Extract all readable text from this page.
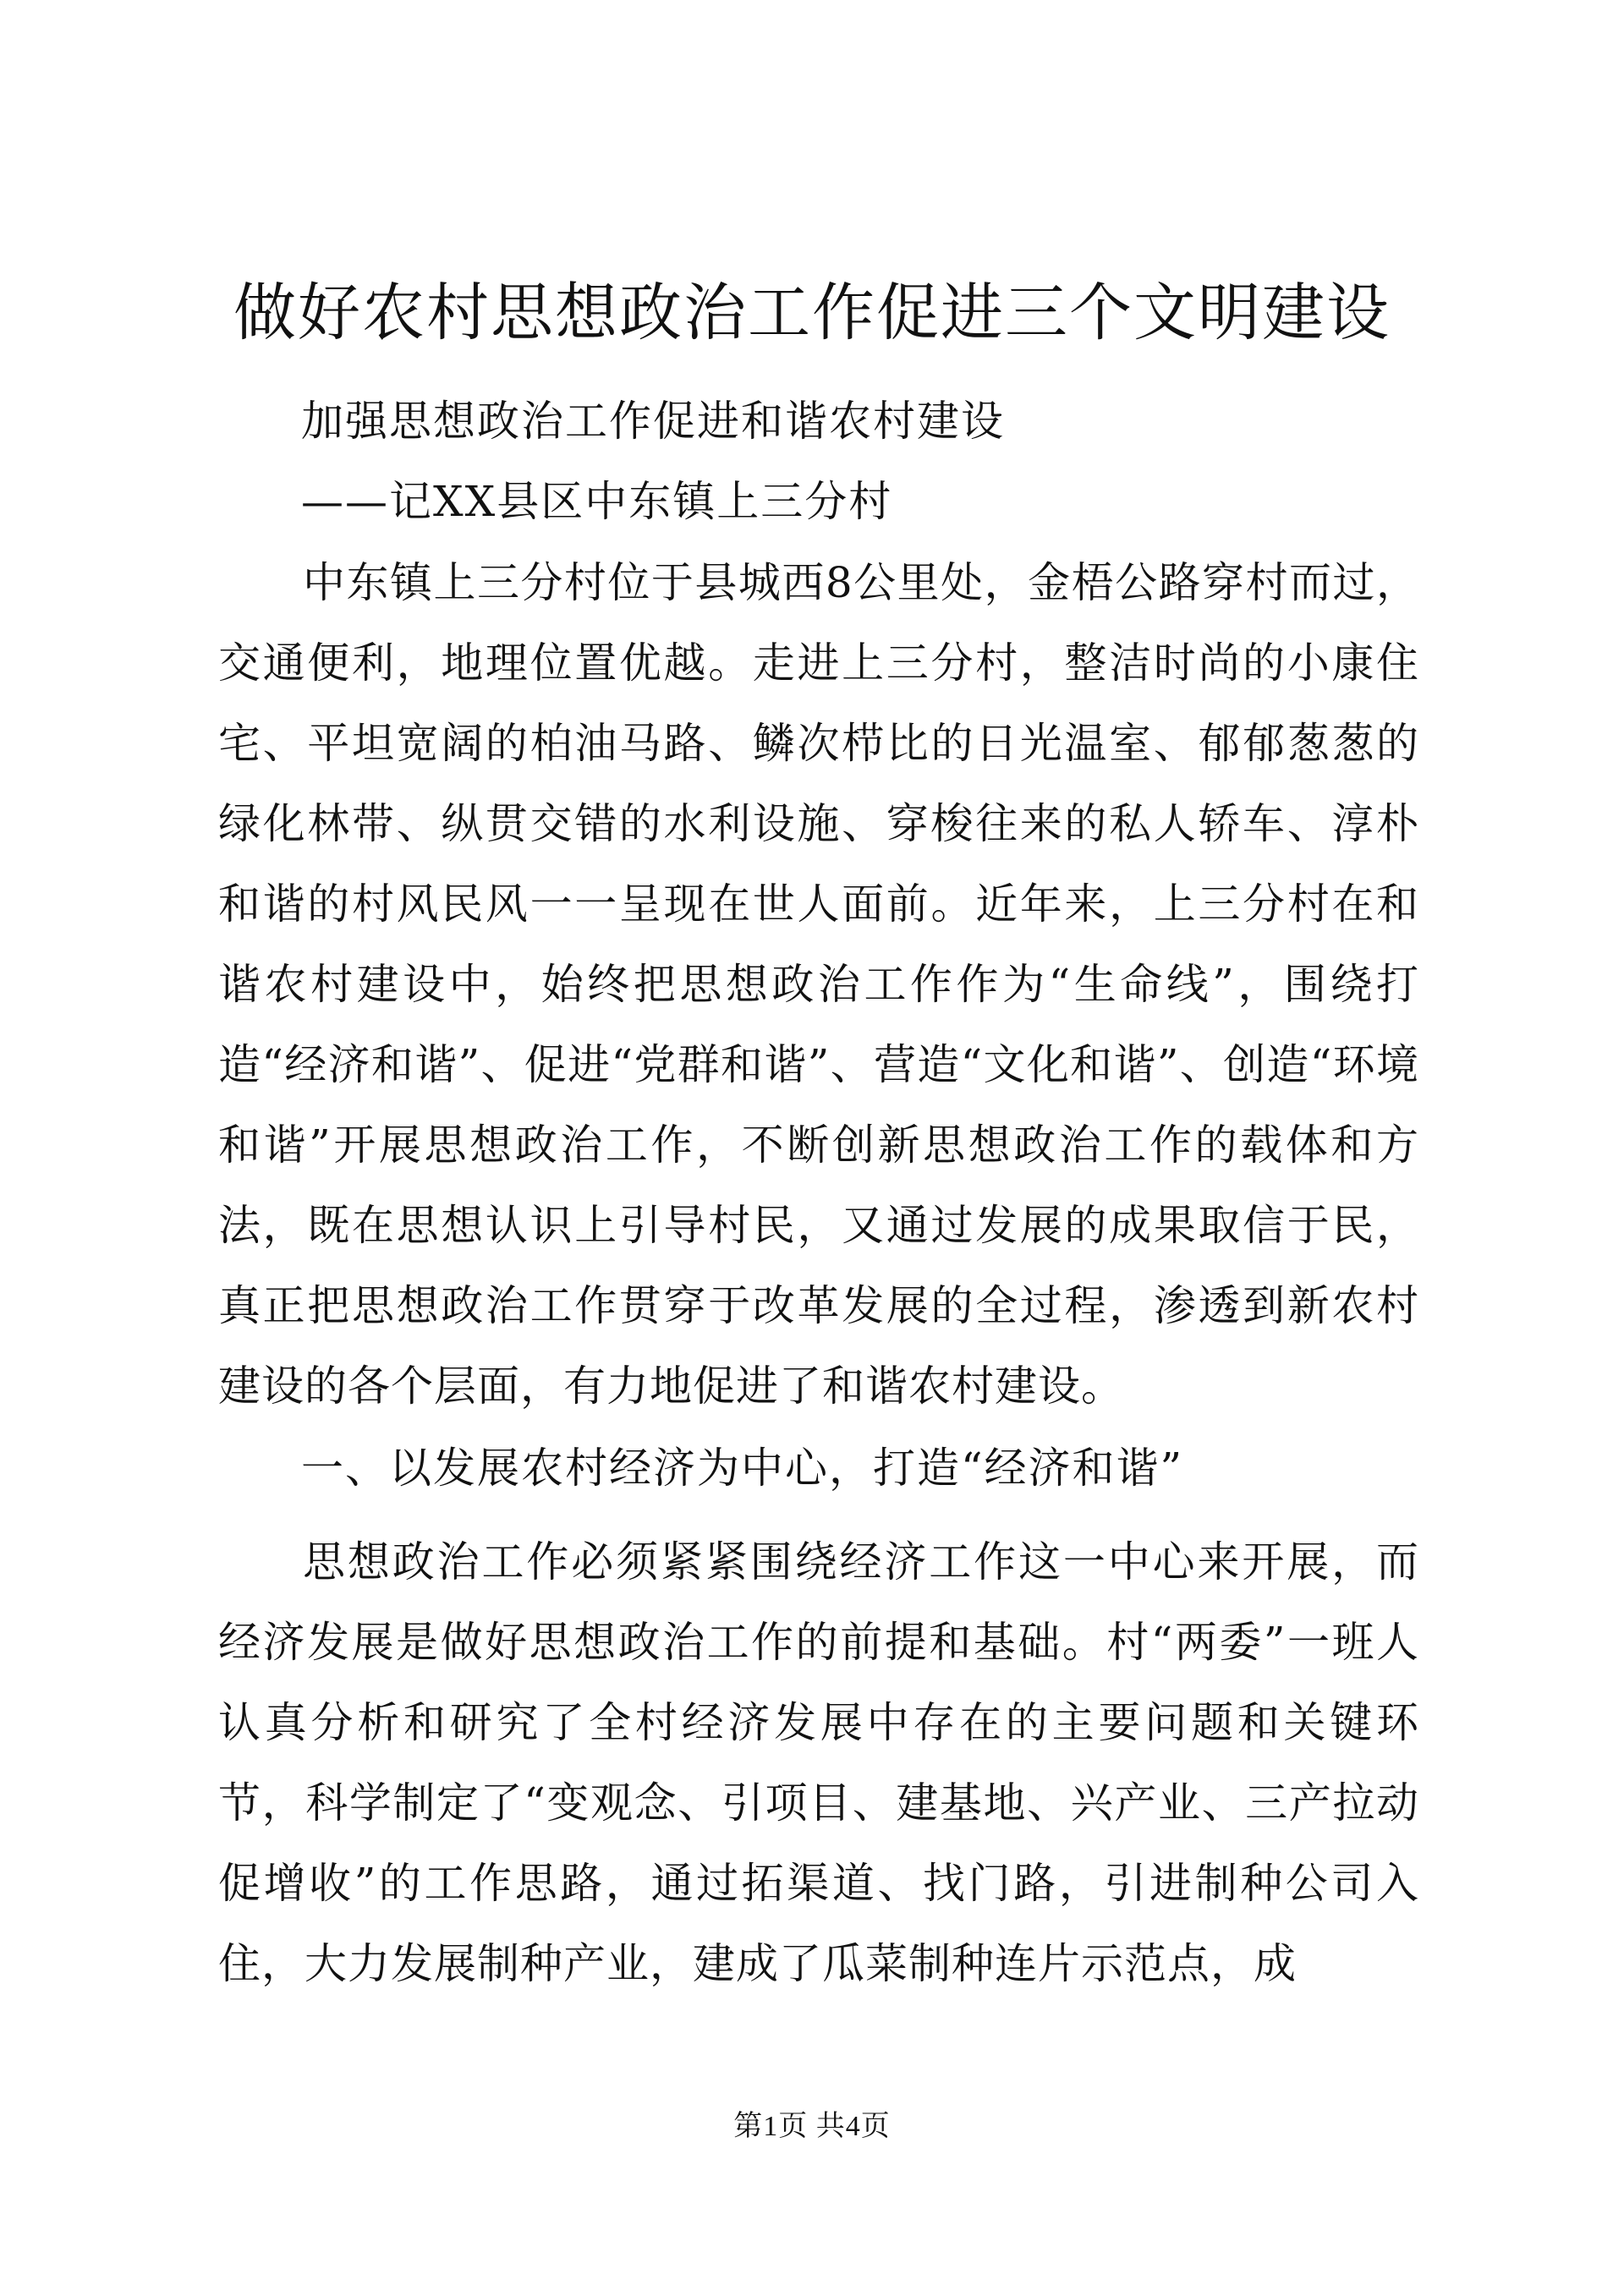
做好农村思想政治工作促进三个文明建设
加强思想政治工作促进和谐农村建设
——记XX县区中东镇上三分村

中东镇上三分村位于县城西8公里处，金梧公路穿村而过，交通便利，地理位置优越。走进上三分村，整洁时尚的小康住宅、平坦宽阔的柏油马路、鳞次栉比的日光温室、郁郁葱葱的绿化林带、纵贯交错的水利设施、穿梭往来的私人轿车、淳朴和谐的村风民风一一呈现在世人面前。近年来，上三分村在和谐农村建设中，始终把思想政治工作作为“生命线”，围绕打造“经济和谐”、促进“党群和谐”、营造“文化和谐”、创造“环境和谐”开展思想政治工作，不断创新思想政治工作的载体和方法，既在思想认识上引导村民，又通过发展的成果取信于民，真正把思想政治工作贯穿于改革发展的全过程，渗透到新农村建设的各个层面，有力地促进了和谐农村建设。

一、以发展农村经济为中心，打造“经济和谐”

思想政治工作必须紧紧围绕经济工作这一中心来开展，而经济发展是做好思想政治工作的前提和基础。村“两委”一班人认真分析和研究了全村经济发展中存在的主要问题和关键环节，科学制定了“变观念、引项目、建基地、兴产业、三产拉动促增收”的工作思路，通过拓渠道、找门路，引进制种公司入住，大力发展制种产业，建成了瓜菜制种连片示范点，成

第1页 共4页
